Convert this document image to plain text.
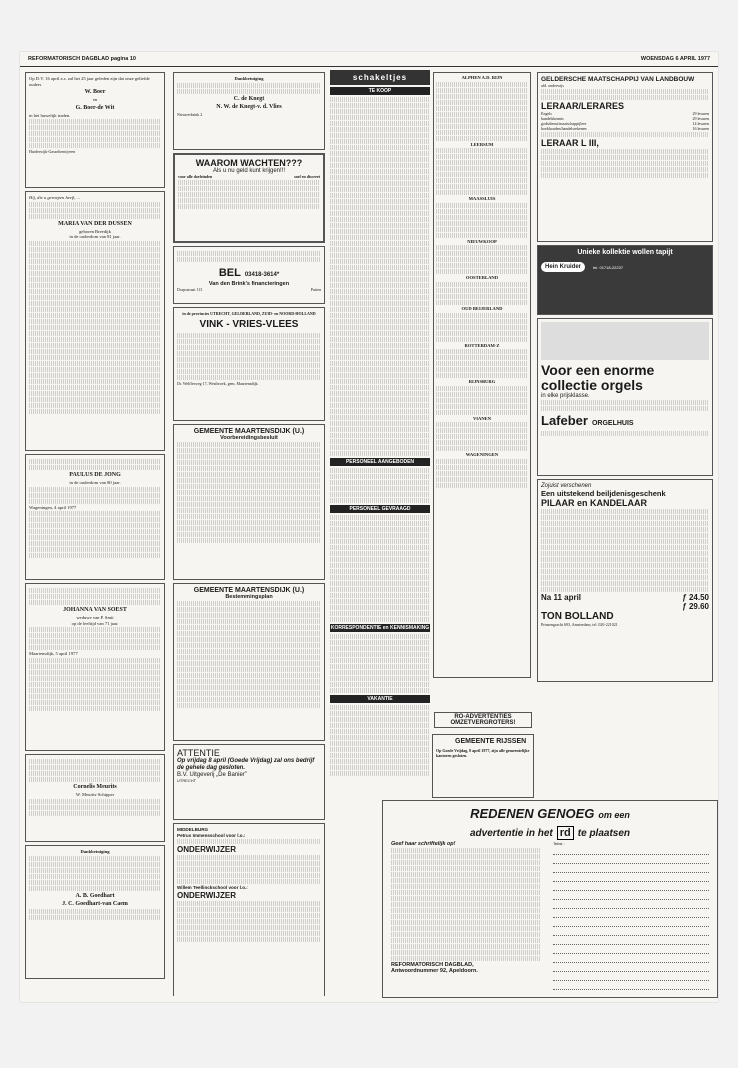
REFORMATORISCH DAGBLAD pagina 10	WOENSDAG 6 APRIL 1977

Op D.V. 16 april a.s. zal het 25 jaar geleden zijn dat onze geliefde ouders

W. Boer
en
G. Boer-de Wit

in het huwelijk traden.

Harderwijk-Gasselternijveen

Hij, die u geroepen heeft, ...

MARIA VAN DER DUSSEN
geboren Breedijk
in de ouderdom van 81 jaar.
PAULUS DE JONG
in de ouderdom van 80 jaar.
Wageningen, 4 april 1977
JOHANNA VAN SOEST
weduwe van P. Smit
op de leeftijd van 71 jaar.
Maartensdijk, 5 april 1977
Cornelis Meurits
W. Meurits-Schipper
Dankbetuiging
A. B. Goedhart
J. C. Goedhart-van Caem
Dankbetuiging
C. de Knegt
N. W. de Knegt-v. d. Vlies
Nieuwerbrink 2
WAAROM WACHTEN???
Als u nu geld kunt krijgen!!!
voor alle doeleinden	snel en discreet
BEL 03418-3614*
Van den Brink's financieringen
Dorpsstraat 113	Putten
in de provincies UTRECHT, GELDERLAND, ZUID- en NOORD-HOLLAND
VINK - VRIES-VLEES
Dr. Welfferweg 17, Westbroek, gem. Maartensdijk.
GEMEENTE MAARTENSDIJK (U.)
Voorbereidingsbesluit
GEMEENTE MAARTENSDIJK (U.)
Bestemmingsplan
ATTENTIE
Op vrijdag 8 april (Goede Vrijdag) zal ons bedrijf de gehele dag gesloten.
B.V. Uitgeverij „De Banier”
UTRECHT
MIDDELBURG
Petrus Immensschool voor l.o.:
ONDERWIJZER
Willem Teellinckschool voor l.o.:
ONDERWIJZER
schakeltjes
TE KOOP
PERSONEEL AANGEBODEN
PERSONEEL GEVRAAGD
KORRESPONDENTIE en KENNISMAKING
VAKANTIE
ALPHEN A.D. RIJN
LEERSUM
MAASSLUIS
NIEUWKOOP
OOSTERLAND
OUD BEIJERLAND
ROTTERDAM-Z
RIJNSBURG
VIANEN
WAGENINGEN
GELDERSCHE MAATSCHAPPIJ VAN LANDBOUW
afd. onderwijs
LERAAR/LERARES
Engels	29 lesuren
handelskennis	29 lesuren
godsdienst/maatschappijleer	14 lesuren
boekhouden/handelsrekenen	16 lesuren
LERAAR L III,
Unieke kollektie wollen tapijt
Hein Kruider	tel. 01718-22237
Voor een enorme collectie orgels
in elke prijsklasse.
Lafeber ORGELHUIS
Zojuist verschenen
Een uitstekend beiljdenisgeschenk
PILAAR en KANDELAAR
Na 11 april	ƒ 24.50
ƒ 29.60
TON BOLLAND
Prinsengracht 693, Amsterdam, tel. 020-221021
REDENEN GENOEG om een
advertentie in het rd te plaatsen
Geef haar schriftelijk op!
REFORMATORISCH DAGBLAD,
Antwoordnummer 92, Apeldoorn.
Tekst :
GEMEENTE RIJSSEN
Op Goede Vrijdag, 8 april 1977, zijn alle gemeentelijke kantoren gesloten.
RO-ADVERTENTIES OMZETVERGROTERS!
